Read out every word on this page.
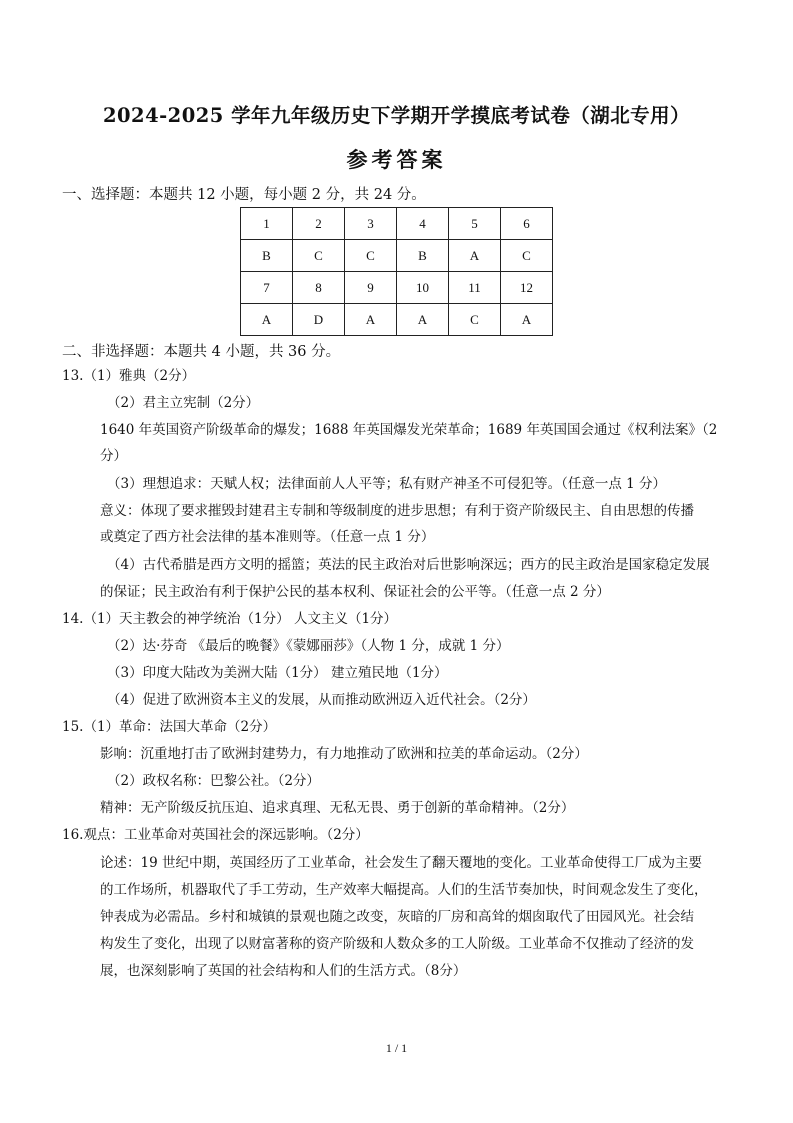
2024-2025 学年九年级历史下学期开学摸底考试卷（湖北专用）
参考答案
一、选择题：本题共 12 小题，每小题 2 分，共 24 分。
1	2	3	4	5	6
B	C	C	B	A	C
7	8	9	10	11	12
A	D	A	A	C	A
二、非选择题：本题共 4 小题，共 36 分。
13.（1）雅典（2分）
（2）君主立宪制（2分）
1640 年英国资产阶级革命的爆发；1688 年英国爆发光荣革命；1689 年英国国会通过《权利法案》（2
分）
（3）理想追求：天赋人权；法律面前人人平等；私有财产神圣不可侵犯等。（任意一点 1 分）
意义：体现了要求摧毁封建君主专制和等级制度的进步思想；有利于资产阶级民主、自由思想的传播
或奠定了西方社会法律的基本准则等。（任意一点 1 分）
（4）古代希腊是西方文明的摇篮；英法的民主政治对后世影响深远；西方的民主政治是国家稳定发展
的保证；民主政治有利于保护公民的基本权利、保证社会的公平等。（任意一点 2 分）
14.（1）天主教会的神学统治（1分） 人文主义（1分）
（2）达·芬奇 《最后的晚餐》《蒙娜丽莎》（人物 1 分，成就 1 分）
（3）印度大陆改为美洲大陆（1分） 建立殖民地（1分）
（4）促进了欧洲资本主义的发展，从而推动欧洲迈入近代社会。（2分）
15.（1）革命：法国大革命（2分）
影响：沉重地打击了欧洲封建势力，有力地推动了欧洲和拉美的革命运动。（2分）
（2）政权名称：巴黎公社。（2分）
精神：无产阶级反抗压迫、追求真理、无私无畏、勇于创新的革命精神。（2分）
16.观点：工业革命对英国社会的深远影响。（2分）
论述：19 世纪中期，英国经历了工业革命，社会发生了翻天覆地的变化。工业革命使得工厂成为主要
的工作场所，机器取代了手工劳动，生产效率大幅提高。人们的生活节奏加快，时间观念发生了变化，
钟表成为必需品。乡村和城镇的景观也随之改变，灰暗的厂房和高耸的烟囱取代了田园风光。社会结
构发生了变化，出现了以财富著称的资产阶级和人数众多的工人阶级。工业革命不仅推动了经济的发
展，也深刻影响了英国的社会结构和人们的生活方式。（8分）
1 / 1
